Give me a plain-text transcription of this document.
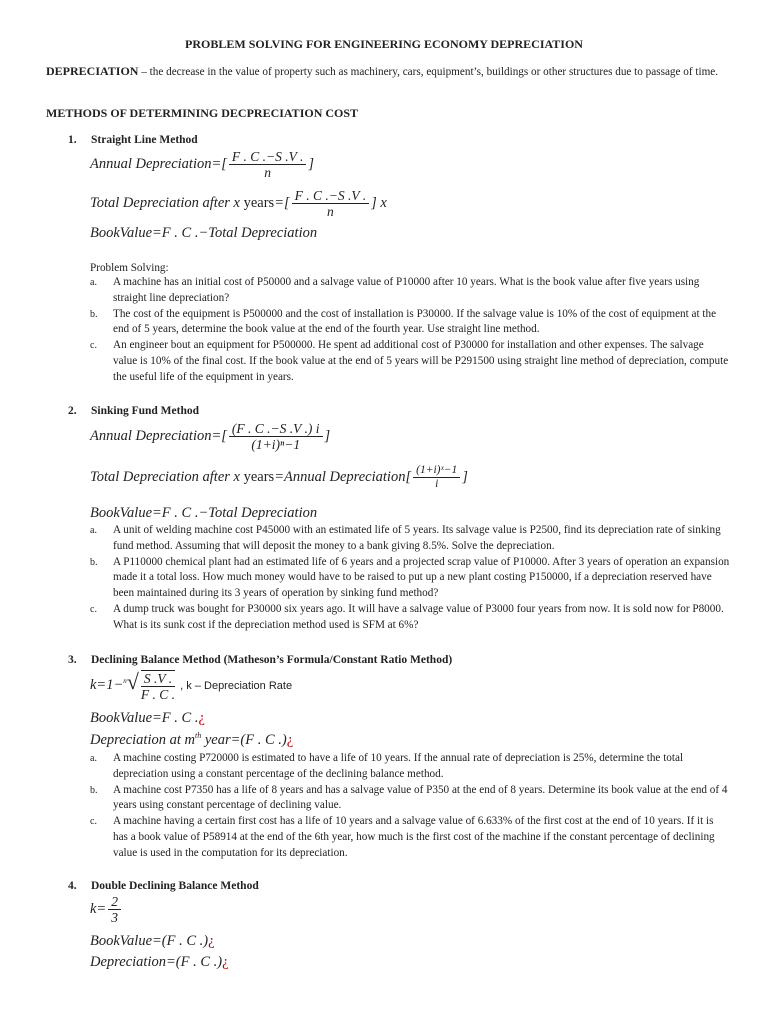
PROBLEM SOLVING FOR ENGINEERING ECONOMY DEPRECIATION
DEPRECIATION – the decrease in the value of property such as machinery, cars, equipment’s, buildings or other structures due to passage of time.
METHODS OF DETERMINING DECPRECIATION COST
1. Straight Line Method
Annual Depreciation=[ $\frac{F . C .-S .V .}{n}$ ]
Total Depreciation after x years=[ $\frac{F . C .-S .V .}{n}$ ] x
BookValue=F . C .−Total Depreciation
Problem Solving:
a. A machine has an initial cost of P50000 and a salvage value of P10000 after 10 years. What is the book value after five years using straight line depreciation?
b. The cost of the equipment is P500000 and the cost of installation is P30000. If the salvage value is 10% of the cost of equipment at the end of 5 years, determine the book value at the end of the fourth year. Use straight line method.
c. An engineer bout an equipment for P500000. He spent ad additional cost of P30000 for installation and other expenses. The salvage value is 10% of the final cost. If the book value at the end of 5 years will be P291500 using straight line method of depreciation, compute the useful life of the equipment in years.
2. Sinking Fund Method
Annual Depreciation=[ $\frac{(F . C .-S .V .) i}{\text{(1+i)ⁿ−1}}$ ]
Total Depreciation after x years=Annual Depreciation[ $\frac{\text{(1+i)ˣ−1}}{i}$ ]
BookValue=F . C .−Total Depreciation
a. A unit of welding machine cost P45000 with an estimated life of 5 years. Its salvage value is P2500, find its depreciation rate of sinking fund method. Assuming that will deposit the money to a bank giving 8.5%. Solve the depreciation.
b. A P110000 chemical plant had an estimated life of 6 years and a projected scrap value of P10000. After 3 years of operation an expansion made it a total loss. How much money would have to be raised to put up a new plant costing P150000, if a depreciation reserved have been maintained during its 3 years of operation by sinking fund method?
c. A dump truck was bought for P30000 six years ago. It will have a salvage value of P3000 four years from now. It is sold now for P8000. What is its sunk cost if the depreciation method used is SFM at 6%?
3. Declining Balance Method (Matheson’s Formula/Constant Ratio Method)
$k=1-^n√ \frac{S .V .}{F . C .}$ , k – Depreciation Rate
BookValue=F . C .¿
Depreciation at $m^{th}$ year=(F . C .)¿
a. A machine costing P720000 is estimated to have a life of 10 years. If the annual rate of depreciation is 25%, determine the total depreciation using a constant percentage of the declining balance method.
b. A machine cost P7350 has a life of 8 years and has a salvage value of P350 at the end of 8 years. Determine its book value at the end of 4 years using constant percentage of declining value.
c. A machine having a certain first cost has a life of 10 years and a salvage value of 6.633% of the first cost at the end of 10 years. If it is has a book value of P58914 at the end of the 6th year, how much is the first cost of the machine if the constant percentage of declining value is used in the computation for its depreciation.
4. Double Declining Balance Method
$k= \frac{2}{3}$
BookValue=(F . C .)¿
Depreciation=(F . C .)¿
